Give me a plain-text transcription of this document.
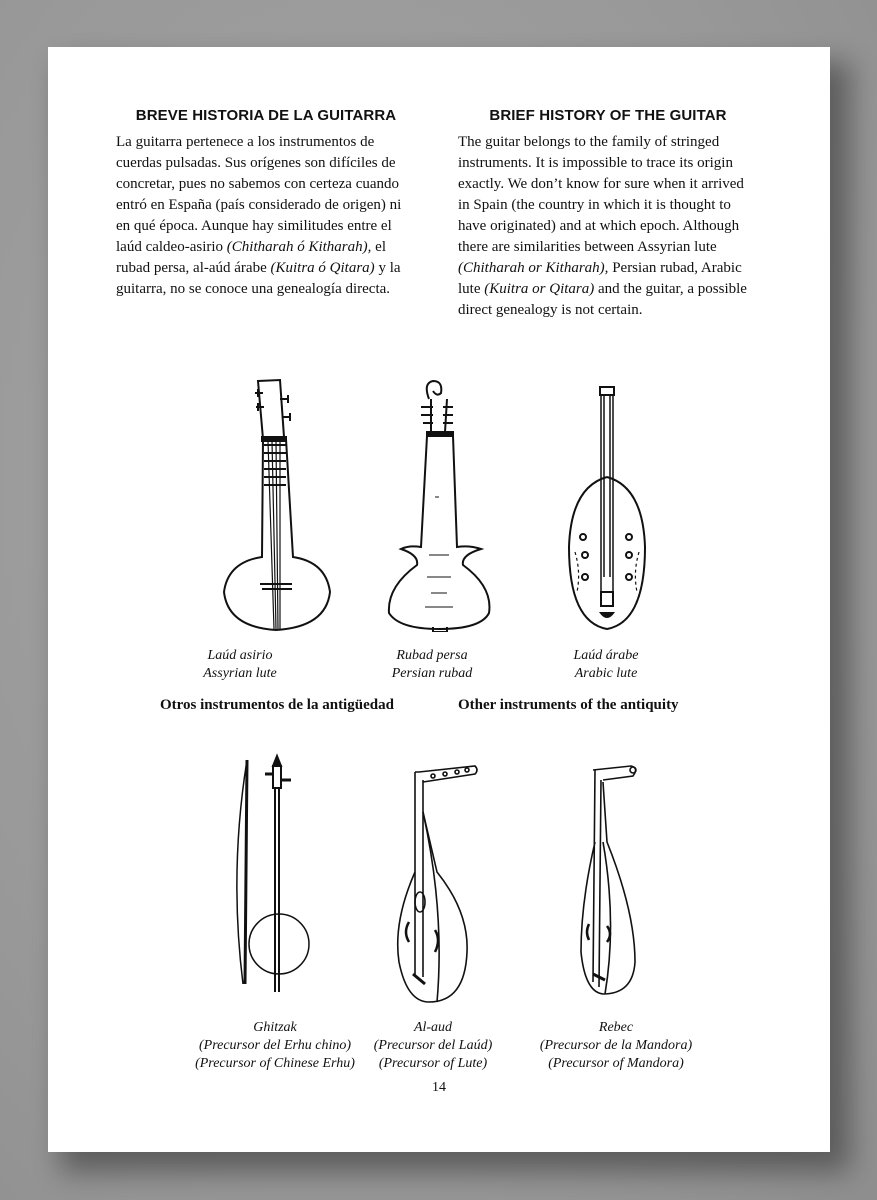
BREVE HISTORIA DE LA GUITARRA

La guitarra pertenece a los instrumentos de cuerdas pulsadas. Sus orígenes son difíciles de concretar, pues no sabemos con certeza cuando entró en España (país considerado de origen) ni en qué época. Aunque hay similitudes entre el laúd caldeo-asirio (Chitharah ó Kitharah), el rubad persa, al-aúd árabe (Kuitra ó Qitara) y la guitarra, no se conoce una genealogía directa.

BRIEF HISTORY OF THE GUITAR

The guitar belongs to the family of stringed instruments. It is impossible to trace its origin exactly. We don’t know for sure when it arrived in Spain (the country in which it is thought to have originated) and at which epoch. Although there are similarities between Assyrian lute (Chitharah or Kitharah), Persian rubad, Arabic lute (Kuitra or Qitara) and the guitar, a possible direct genealogy is not certain.

Laúd asirio
Assyrian lute
Rubad persa
Persian rubad
Laúd árabe
Arabic lute
Otros instrumentos de la antigüedad	Other instruments of the antiquity
Ghitzak
(Precursor del Erhu chino)
(Precursor of Chinese Erhu)
Al-aud
(Precursor del Laúd)
(Precursor of Lute)
Rebec
(Precursor de la Mandora)
(Precursor of Mandora)
14
